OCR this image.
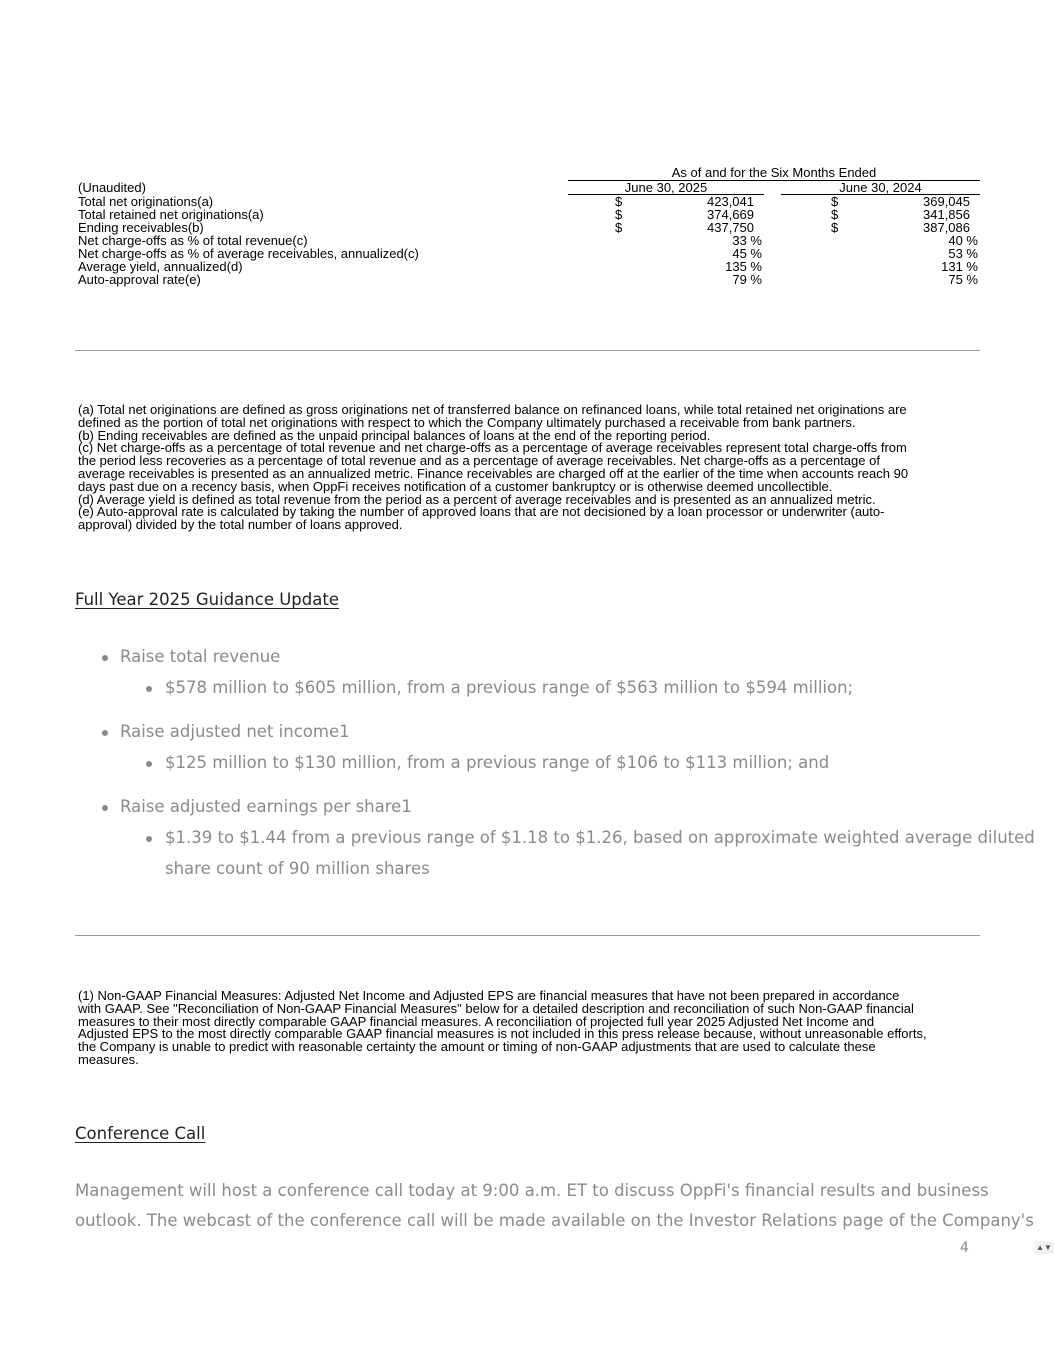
As of and for the Six Months Ended
(Unaudited)	June 30, 2025	June 30, 2024
Total net originations(a)	$	423,041	$	369,045
Total retained net originations(a)	$	374,669	$	341,856
Ending receivables(b)	$	437,750	$	387,086
Net charge-offs as % of total revenue(c)	33 %	40 %
Net charge-offs as % of average receivables, annualized(c)	45 %	53 %
Average yield, annualized(d)	135 %	131 %
Auto-approval rate(e)	79 %	75 %
(a) Total net originations are defined as gross originations net of transferred balance on refinanced loans, while total retained net originations are
defined as the portion of total net originations with respect to which the Company ultimately purchased a receivable from bank partners.
(b) Ending receivables are defined as the unpaid principal balances of loans at the end of the reporting period.
(c) Net charge-offs as a percentage of total revenue and net charge-offs as a percentage of average receivables represent total charge-offs from
the period less recoveries as a percentage of total revenue and as a percentage of average receivables. Net charge-offs as a percentage of
average receivables is presented as an annualized metric. Finance receivables are charged off at the earlier of the time when accounts reach 90
days past due on a recency basis, when OppFi receives notification of a customer bankruptcy or is otherwise deemed uncollectible.
(d) Average yield is defined as total revenue from the period as a percent of average receivables and is presented as an annualized metric.
(e) Auto-approval rate is calculated by taking the number of approved loans that are not decisioned by a loan processor or underwriter (auto-
approval) divided by the total number of loans approved.
Full Year 2025 Guidance Update
Raise total revenue
$578 million to $605 million, from a previous range of $563 million to $594 million;
Raise adjusted net income1
$125 million to $130 million, from a previous range of $106 to $113 million; and
Raise adjusted earnings per share1
$1.39 to $1.44 from a previous range of $1.18 to $1.26, based on approximate weighted average diluted
share count of 90 million shares
(1) Non-GAAP Financial Measures: Adjusted Net Income and Adjusted EPS are financial measures that have not been prepared in accordance
with GAAP. See "Reconciliation of Non-GAAP Financial Measures" below for a detailed description and reconciliation of such Non-GAAP financial
measures to their most directly comparable GAAP financial measures. A reconciliation of projected full year 2025 Adjusted Net Income and
Adjusted EPS to the most directly comparable GAAP financial measures is not included in this press release because, without unreasonable efforts,
the Company is unable to predict with reasonable certainty the amount or timing of non-GAAP adjustments that are used to calculate these
measures.
Conference Call
Management will host a conference call today at 9:00 a.m. ET to discuss OppFi's financial results and business
outlook. The webcast of the conference call will be made available on the Investor Relations page of the Company's
4	▲▼
